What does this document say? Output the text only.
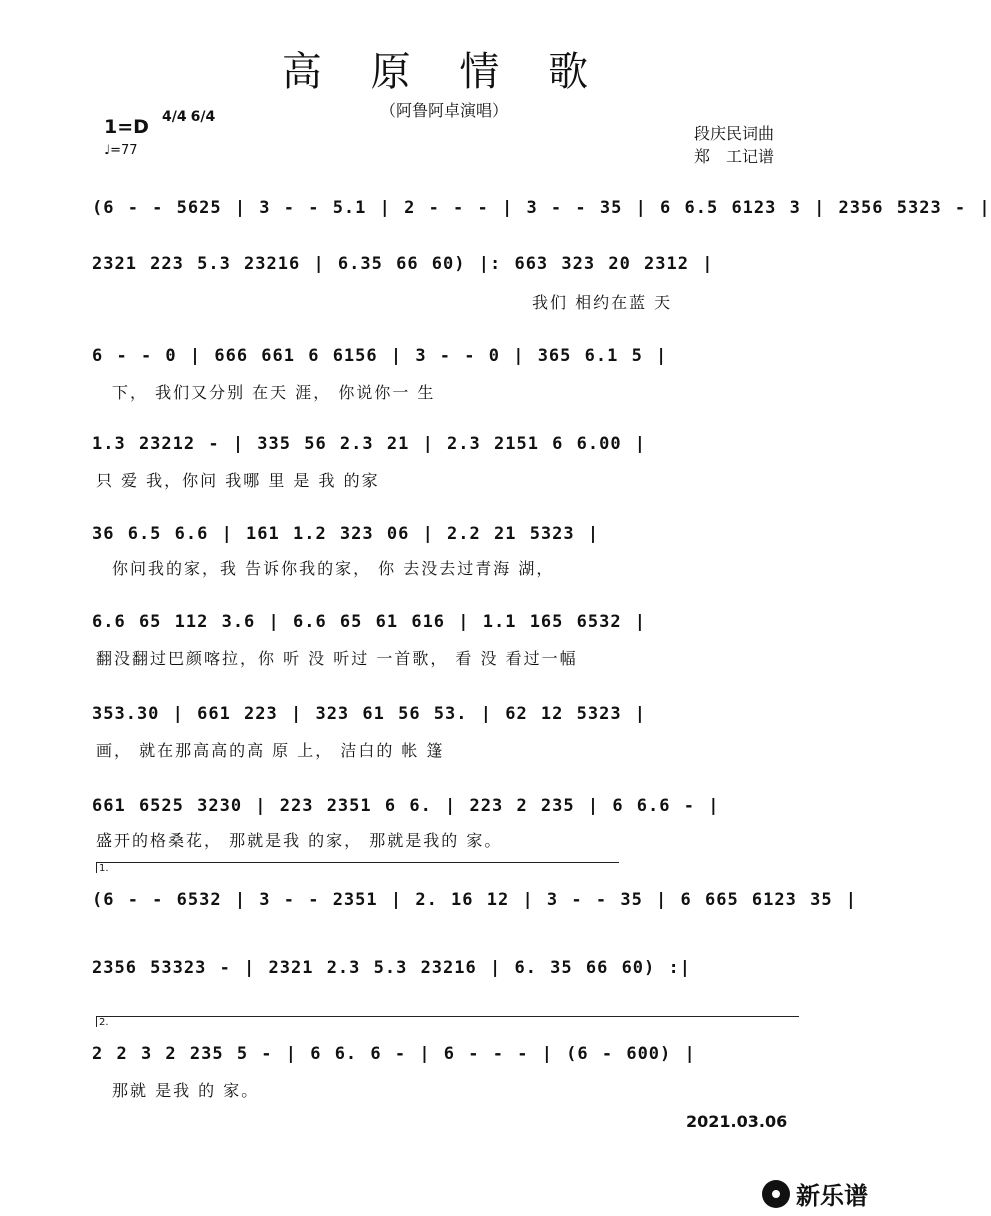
高 原 情 歌
（阿鲁阿卓演唱）
1=D 4/4 6/4
♩=77
段庆民词曲
郑　工记谱
(6 - - 5625 | 3 - - 5.1 | 2 - - - | 3 - - 35 | 6 6.5 6123 3 | 2356 5323 - |
2321 223 5.3 23216 | 6.35 66 60) |: 663 323 20 2312 |
我们 相约在蓝 天
6 - - 0 | 666 661 6 6156 | 3 - - 0 | 365 6.1 5 |
下， 我们又分别 在天 涯， 你说你一 生
1.3 23212 - | 335 56 2.3 21 | 2.3 2151 6 6.00 |
只 爱 我，你问 我哪 里 是 我 的家
36 6.5 6.6 | 161 1.2 323 06 | 2.2 21 5323 |
你问我的家，我 告诉你我的家， 你 去没去过青海 湖，
6.6 65 112 3.6 | 6.6 65 61 616 | 1.1 165 6532 |
翻没翻过巴颜喀拉，你 听 没 听过 一首歌， 看 没 看过一幅
353.30 | 661 223 | 323 61 56 53. | 62 12 5323 |
画， 就在那高高的高 原 上， 洁白的 帐 篷
661 6525 3230 | 223 2351 6 6. | 223 2 235 | 6 6.6 - |
盛开的格桑花， 那就是我 的家， 那就是我的 家。
1.
(6 - - 6532 | 3 - - 2351 | 2. 16 12 | 3 - - 35 | 6 665 6123 35 |
2356 53323 - | 2321 2.3 5.3 23216 | 6. 35 66 60) :|
2.
2 2 3 2 235 5 - | 6 6. 6 - | 6 - - - | (6 - 600) |
那就 是我 的 家。
2021.03.06
新乐谱
